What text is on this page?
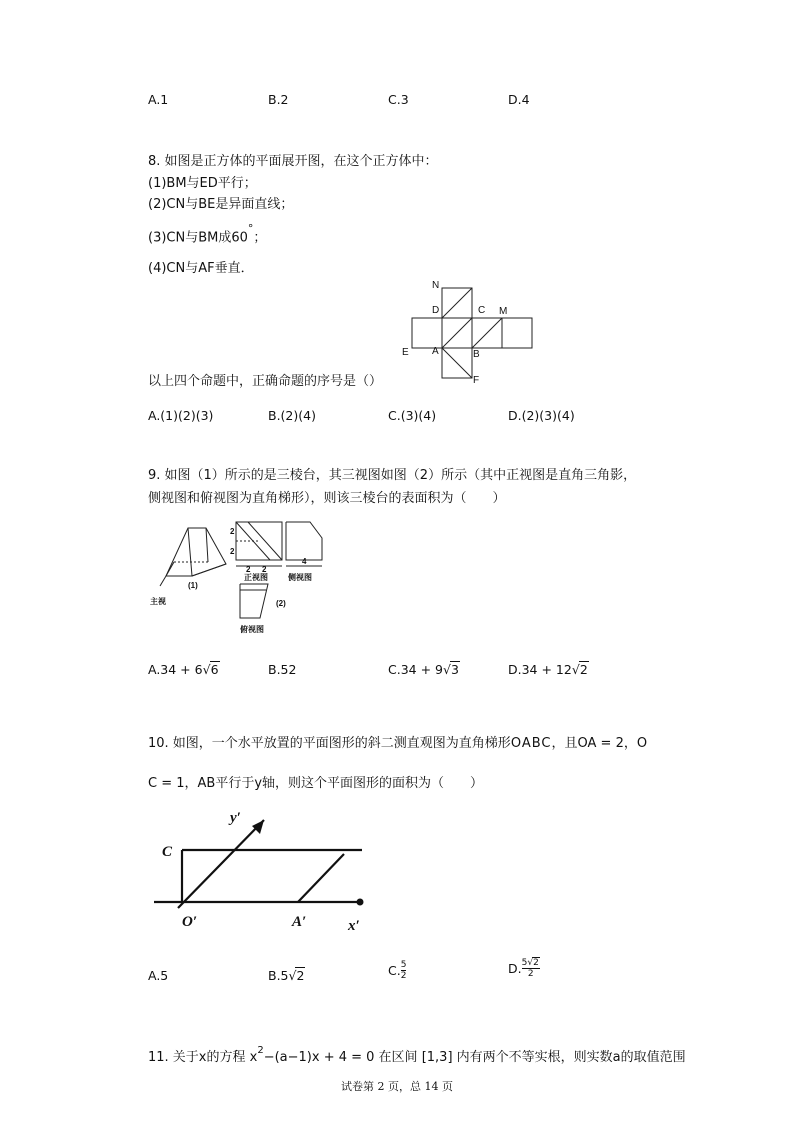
A.1	B.2	C.3	D.4
8. 如图是正方体的平面展开图，在这个正方体中：
(1)BM与ED平行；
(2)CN与BE是异面直线；
(3)CN与BM成60°；
(4)CN与AF垂直．
N
D	C M
E A	B
F
以上四个命题中，正确命题的序号是（）
A.(1)(2)(3)	B.(2)(4)	C.(3)(4)	D.(2)(3)(4)
9. 如图（1）所示的是三棱台，其三视图如图（2）所示（其中正视图是直角三角影，
侧视图和俯视图为直角梯形），则该三棱台的表面积为（　　）
2
2
2 2
4
(1)
(2)
主视
正视图	侧视图
俯视图
A.34 + 6√6	B.52	C.34 + 9√3	D.34 + 12√2
10. 如图，一个水平放置的平面图形的斜二测直观图为直角梯形OABC，且OA = 2，O
C = 1，AB平行于y轴，则这个平面图形的面积为（　　）
y′
C
O′	A′	x′
A.5	B.5√2	C. $\frac{5}{2}$	D. $\frac{5√2}{2}$
11. 关于x的方程 $x^2-(a-1)x + 4 = 0$ 在区间 [1,3] 内有两个不等实根，则实数a的取值范围
试卷第 2 页，总 14 页
